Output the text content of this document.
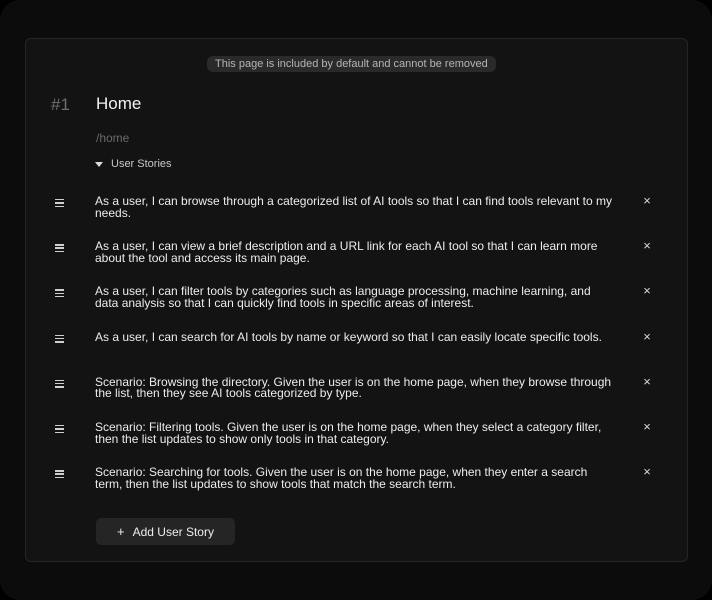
This page is included by default and cannot be removed
#1 Home
/home
User Stories
As a user, I can browse through a categorized list of AI tools so that I can find tools relevant to my needs.
×
As a user, I can view a brief description and a URL link for each AI tool so that I can learn more about the tool and access its main page.
×
As a user, I can filter tools by categories such as language processing, machine learning, and data analysis so that I can quickly find tools in specific areas of interest.
×
As a user, I can search for AI tools by name or keyword so that I can easily locate specific tools.	×
Scenario: Browsing the directory. Given the user is on the home page, when they browse through the list, then they see AI tools categorized by type.
×
Scenario: Filtering tools. Given the user is on the home page, when they select a category filter, then the list updates to show only tools in that category.
×
Scenario: Searching for tools. Given the user is on the home page, when they enter a search term, then the list updates to show tools that match the search term.
×
+ Add User Story
